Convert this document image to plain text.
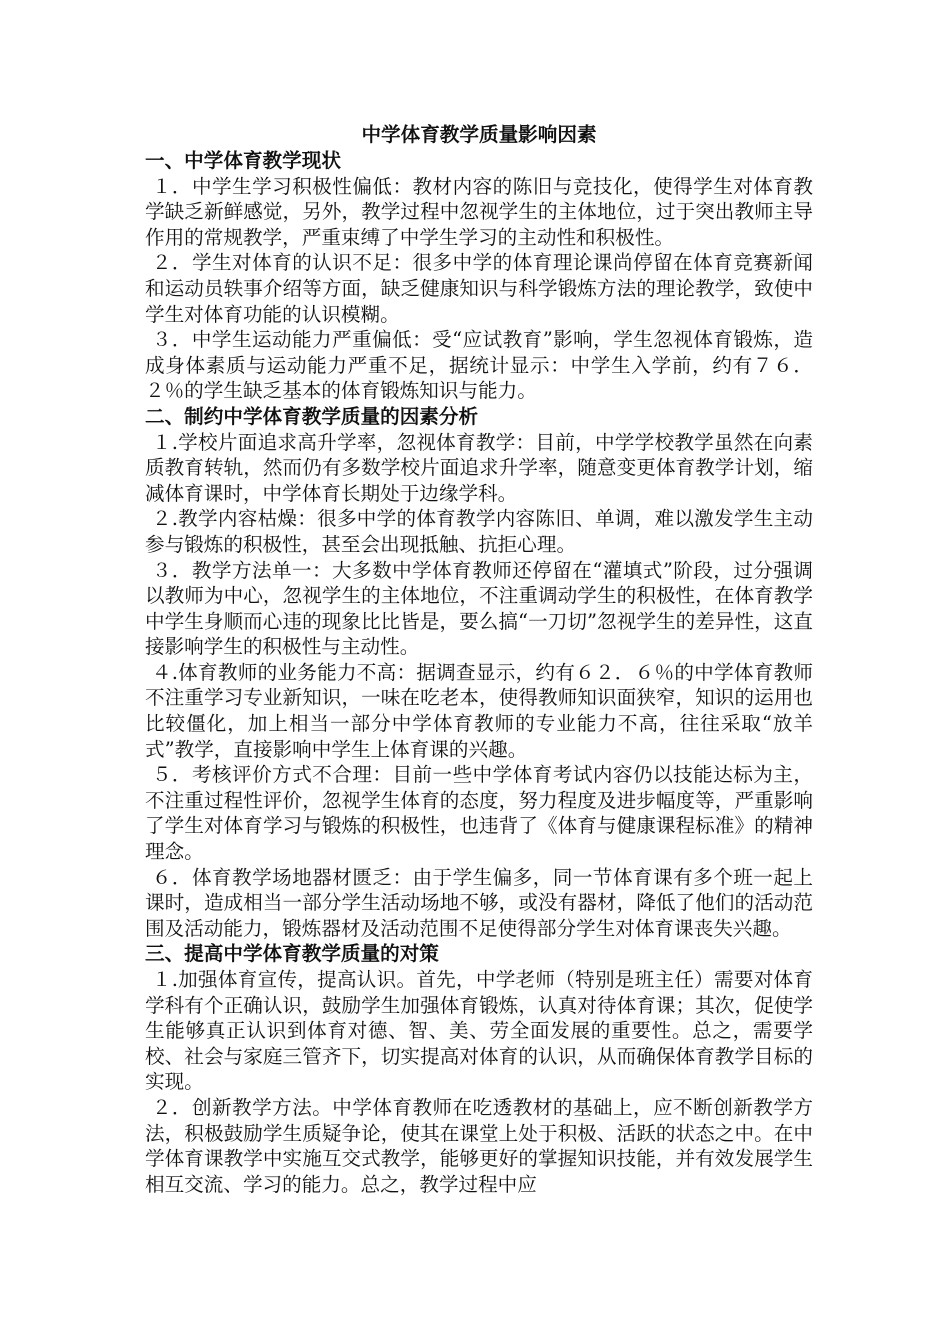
中学体育教学质量影响因素

一、中学体育教学现状

１．中学生学习积极性偏低：教材内容的陈旧与竞技化，使得学生对体育教学缺乏新鲜感觉，另外，教学过程中忽视学生的主体地位，过于突出教师主导作用的常规教学，严重束缚了中学生学习的主动性和积极性。

２．学生对体育的认识不足：很多中学的体育理论课尚停留在体育竞赛新闻和运动员轶事介绍等方面，缺乏健康知识与科学锻炼方法的理论教学，致使中学生对体育功能的认识模糊。

３．中学生运动能力严重偏低：受“应试教育”影响，学生忽视体育锻炼，造成身体素质与运动能力严重不足，据统计显示：中学生入学前，约有７６．２％的学生缺乏基本的体育锻炼知识与能力。

二、制约中学体育教学质量的因素分析

１.学校片面追求高升学率，忽视体育教学：目前，中学学校教学虽然在向素质教育转轨，然而仍有多数学校片面追求升学率，随意变更体育教学计划，缩减体育课时，中学体育长期处于边缘学科。

２.教学内容枯燥：很多中学的体育教学内容陈旧、单调，难以激发学生主动参与锻炼的积极性，甚至会出现抵触、抗拒心理。

３．教学方法单一：大多数中学体育教师还停留在“灌填式”阶段，过分强调以教师为中心，忽视学生的主体地位，不注重调动学生的积极性，在体育教学中学生身顺而心违的现象比比皆是，要么搞“一刀切”忽视学生的差异性，这直接影响学生的积极性与主动性。

４.体育教师的业务能力不高：据调查显示，约有６２．６％的中学体育教师不注重学习专业新知识，一味在吃老本，使得教师知识面狭窄，知识的运用也比较僵化，加上相当一部分中学体育教师的专业能力不高，往往采取“放羊式”教学，直接影响中学生上体育课的兴趣。

５．考核评价方式不合理：目前一些中学体育考试内容仍以技能达标为主，不注重过程性评价，忽视学生体育的态度，努力程度及进步幅度等，严重影响了学生对体育学习与锻炼的积极性，也违背了《体育与健康课程标准》的精神理念。

６．体育教学场地器材匮乏：由于学生偏多，同一节体育课有多个班一起上课时，造成相当一部分学生活动场地不够，或没有器材，降低了他们的活动范围及活动能力，锻炼器材及活动范围不足使得部分学生对体育课丧失兴趣。

三、提高中学体育教学质量的对策

１.加强体育宣传，提高认识。首先，中学老师（特别是班主任）需要对体育学科有个正确认识，鼓励学生加强体育锻炼，认真对待体育课；其次，促使学生能够真正认识到体育对德、智、美、劳全面发展的重要性。总之，需要学校、社会与家庭三管齐下，切实提高对体育的认识，从而确保体育教学目标的实现。

２．创新教学方法。中学体育教师在吃透教材的基础上，应不断创新教学方法，积极鼓励学生质疑争论，使其在课堂上处于积极、活跃的状态之中。在中学体育课教学中实施互交式教学，能够更好的掌握知识技能，并有效发展学生相互交流、学习的能力。总之，教学过程中应
